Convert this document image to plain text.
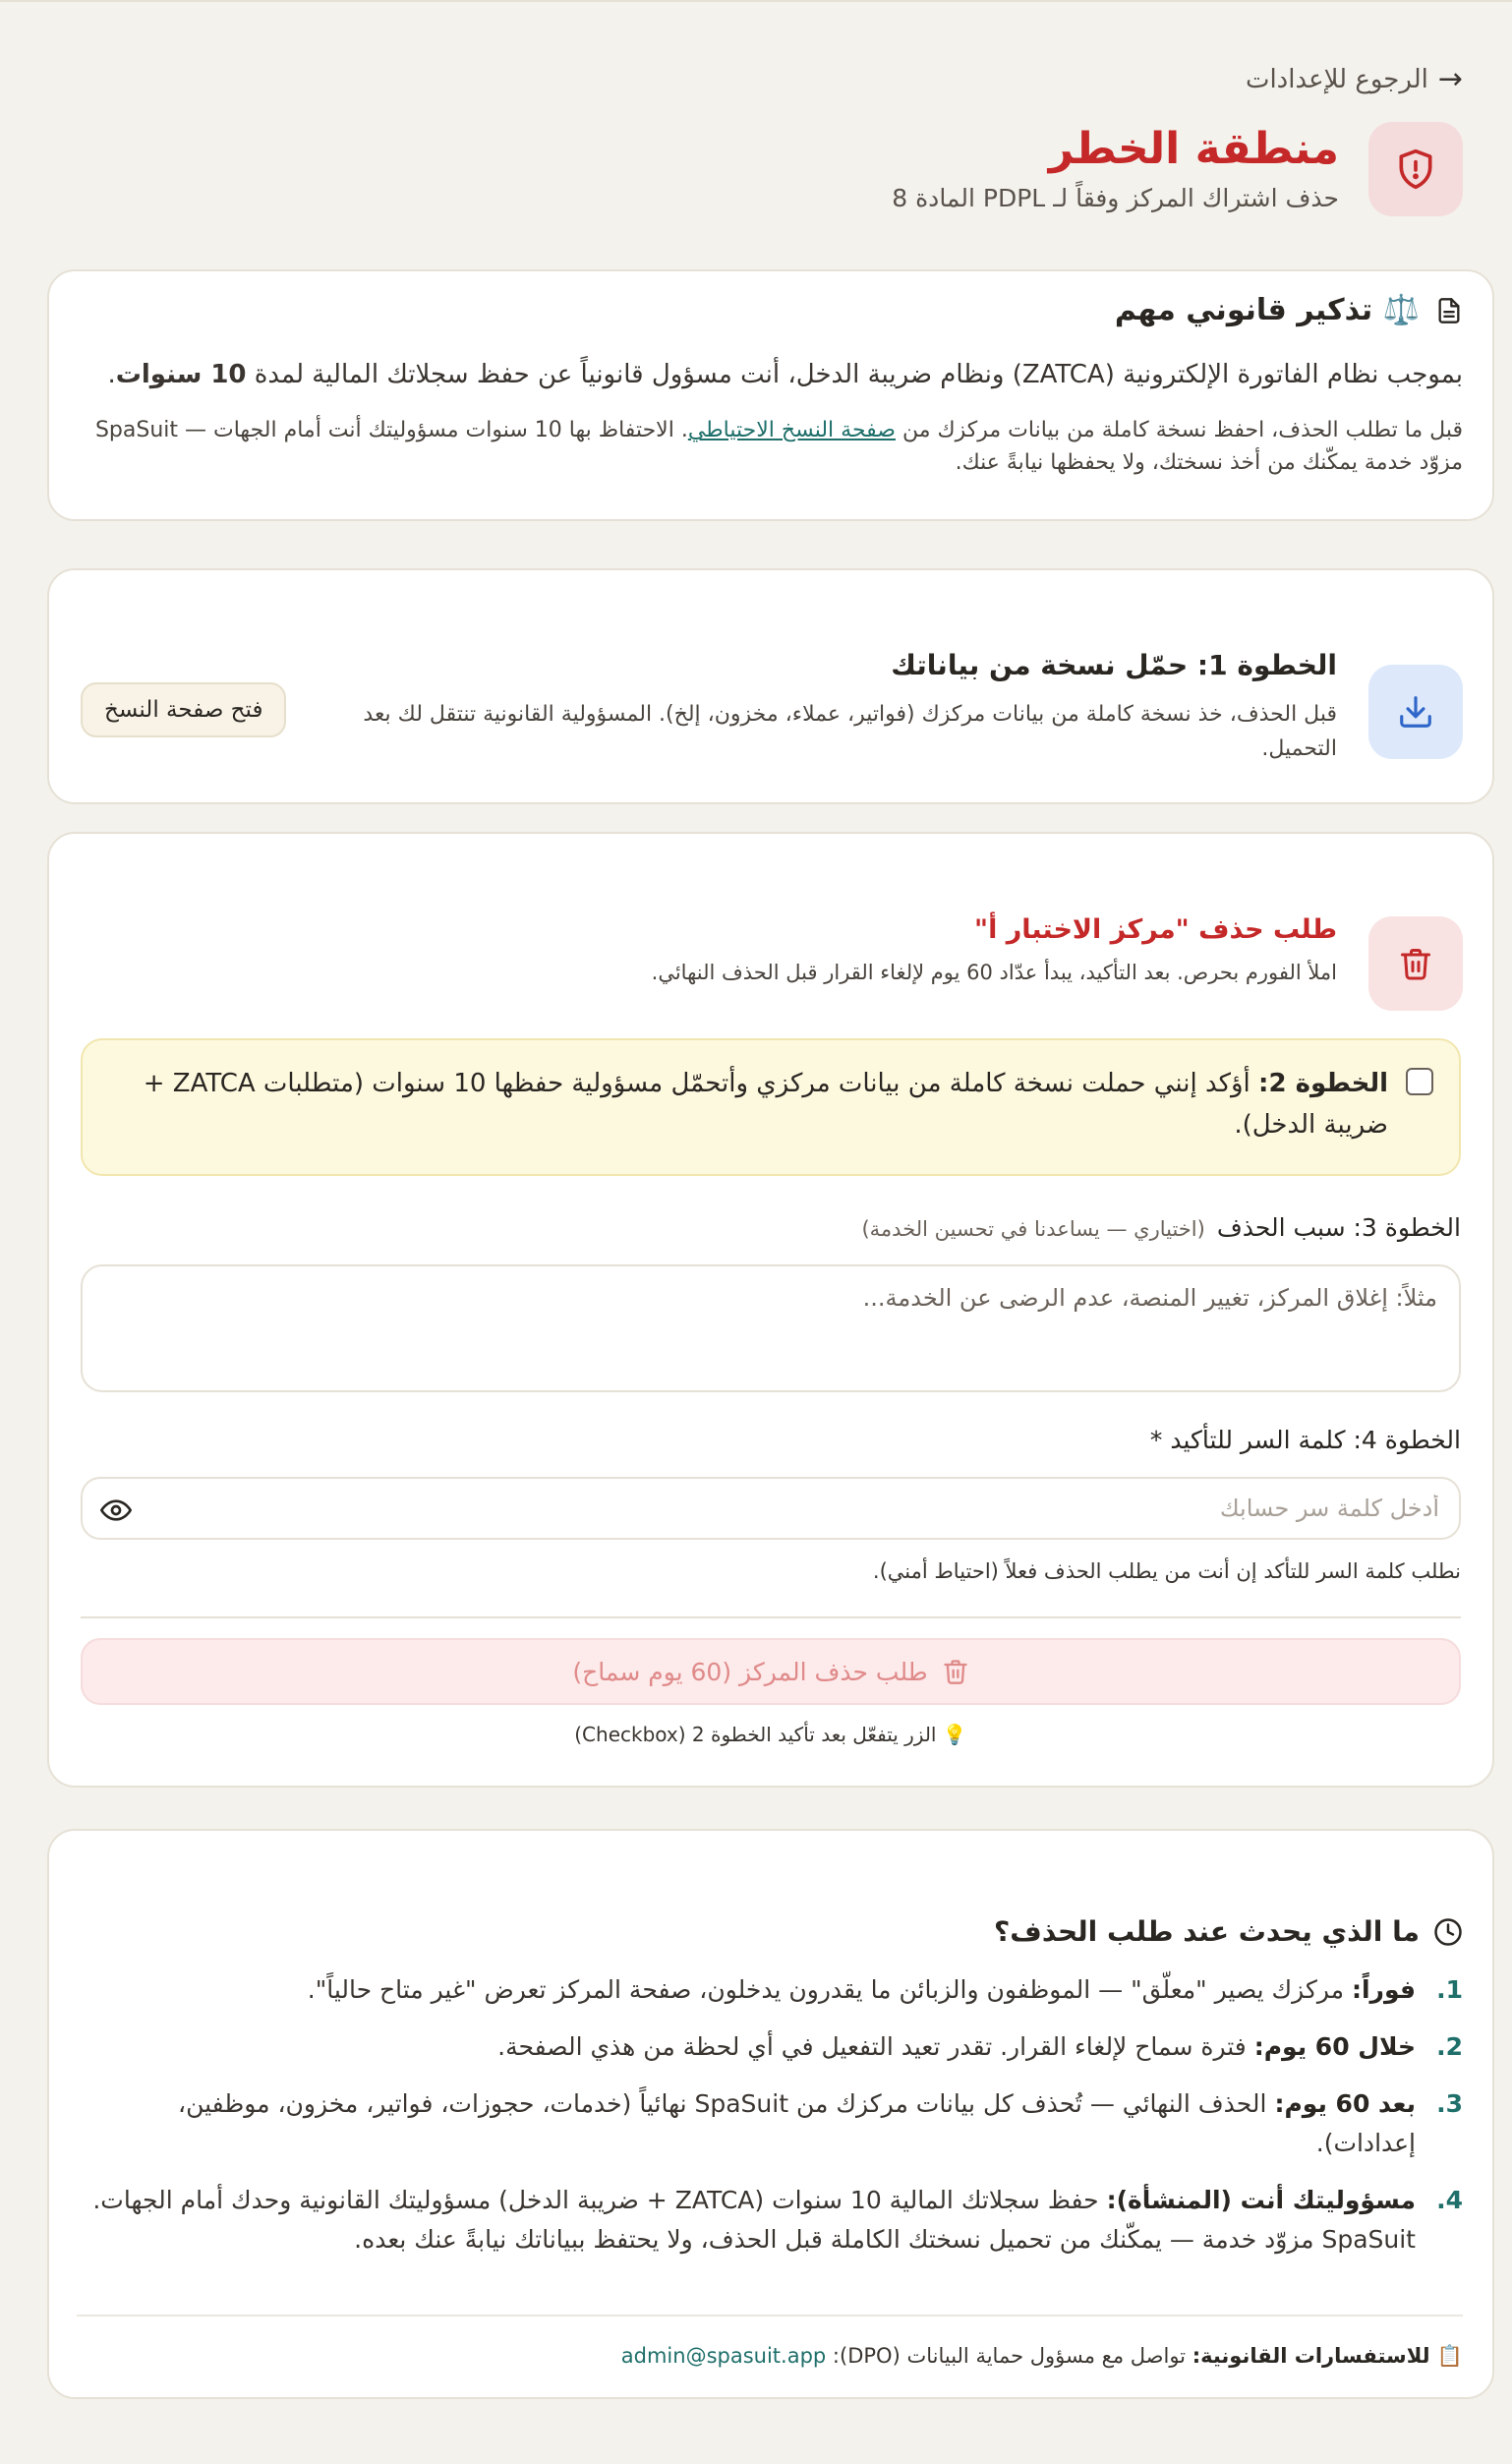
→
الرجوع للإعدادات
منطقة الخطر
حذف اشتراك المركز وفقاً لـ PDPL المادة 8
⚖️ تذكير قانوني مهم
بموجب نظام الفاتورة الإلكترونية (ZATCA) ونظام ضريبة الدخل، أنت مسؤول قانونياً عن حفظ سجلاتك المالية لمدة 10 سنوات.
قبل ما تطلب الحذف، احفظ نسخة كاملة من بيانات مركزك من صفحة النسخ الاحتياطي. الاحتفاظ بها 10 سنوات مسؤوليتك أنت أمام الجهات — SpaSuit مزوّد خدمة يمكّنك من أخذ نسختك، ولا يحفظها نيابةً عنك.
الخطوة 1: حمّل نسخة من بياناتك
قبل الحذف، خذ نسخة كاملة من بيانات مركزك (فواتير، عملاء، مخزون، إلخ). المسؤولية القانونية تنتقل لك بعد التحميل.
فتح صفحة النسخ
طلب حذف "مركز الاختبار أ"
املأ الفورم بحرص. بعد التأكيد، يبدأ عدّاد 60 يوم لإلغاء القرار قبل الحذف النهائي.
الخطوة 2: أؤكد إنني حملت نسخة كاملة من بيانات مركزي وأتحمّل مسؤولية حفظها 10 سنوات (متطلبات ZATCA + ضريبة الدخل).
الخطوة 3: سبب الحذف(اختياري — يساعدنا في تحسين الخدمة)
مثلاً: إغلاق المركز، تغيير المنصة، عدم الرضى عن الخدمة...
الخطوة 4: كلمة السر للتأكيد *
نطلب كلمة السر للتأكد إن أنت من يطلب الحذف فعلاً (احتياط أمني).
طلب حذف المركز (60 يوم سماح)
💡 الزر يتفعّل بعد تأكيد الخطوة 2 (Checkbox)
ما الذي يحدث عند طلب الحذف؟
1.
فوراً: مركزك يصير "معلّق" — الموظفون والزبائن ما يقدرون يدخلون، صفحة المركز تعرض "غير متاح حالياً".
2.
خلال 60 يوم: فترة سماح لإلغاء القرار. تقدر تعيد التفعيل في أي لحظة من هذي الصفحة.
3.
بعد 60 يوم: الحذف النهائي — تُحذف كل بيانات مركزك من SpaSuit نهائياً (خدمات، حجوزات، فواتير، مخزون، موظفين، إعدادات).
4.
مسؤوليتك أنت (المنشأة): حفظ سجلاتك المالية 10 سنوات (ZATCA + ضريبة الدخل) مسؤوليتك القانونية وحدك أمام الجهات. SpaSuit مزوّد خدمة — يمكّنك من تحميل نسختك الكاملة قبل الحذف، ولا يحتفظ ببياناتك نيابةً عنك بعده.
📋 للاستفسارات القانونية: تواصل مع مسؤول حماية البيانات (DPO): admin@spasuit.app
